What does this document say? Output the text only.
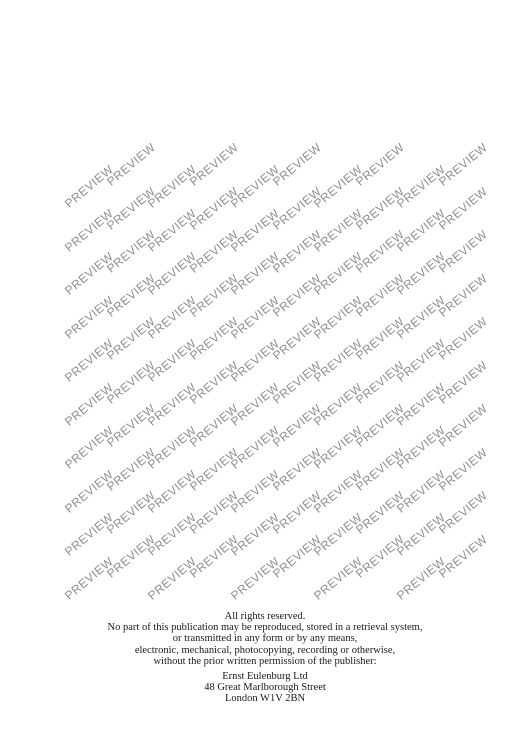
PREVIEW
PREVIEW
PREVIEW
PREVIEW
PREVIEW
PREVIEW
PREVIEW
PREVIEW
PREVIEW
PREVIEW
PREVIEW
PREVIEW
PREVIEW
PREVIEW
PREVIEW
PREVIEW
PREVIEW
PREVIEW
PREVIEW
PREVIEW
PREVIEW
PREVIEW
PREVIEW
PREVIEW
PREVIEW
PREVIEW
PREVIEW
PREVIEW
PREVIEW
PREVIEW
PREVIEW
PREVIEW
PREVIEW
PREVIEW
PREVIEW
PREVIEW
PREVIEW
PREVIEW
PREVIEW
PREVIEW
PREVIEW
PREVIEW
PREVIEW
PREVIEW
PREVIEW
PREVIEW
PREVIEW
PREVIEW
PREVIEW
PREVIEW
PREVIEW
PREVIEW
PREVIEW
PREVIEW
PREVIEW
PREVIEW
PREVIEW
PREVIEW
PREVIEW
PREVIEW
PREVIEW
PREVIEW
PREVIEW
PREVIEW
PREVIEW
PREVIEW
PREVIEW
PREVIEW
PREVIEW
PREVIEW
PREVIEW
PREVIEW
PREVIEW
PREVIEW
PREVIEW
PREVIEW
PREVIEW
PREVIEW
PREVIEW
PREVIEW
PREVIEW
PREVIEW
PREVIEW
PREVIEW
PREVIEW
PREVIEW
PREVIEW
PREVIEW
PREVIEW
PREVIEW
PREVIEW
PREVIEW
PREVIEW
PREVIEW
PREVIEW
PREVIEW
PREVIEW
PREVIEW
PREVIEW
PREVIEW
All rights reserved.
No part of this publication may be reproduced, stored in a retrieval system,
or transmitted in any form or by any means,
electronic, mechanical, photocopying, recording or otherwise,
without the prior written permission of the publisher:
Ernst Eulenburg Ltd
48 Great Marlborough Street
London W1V 2BN
